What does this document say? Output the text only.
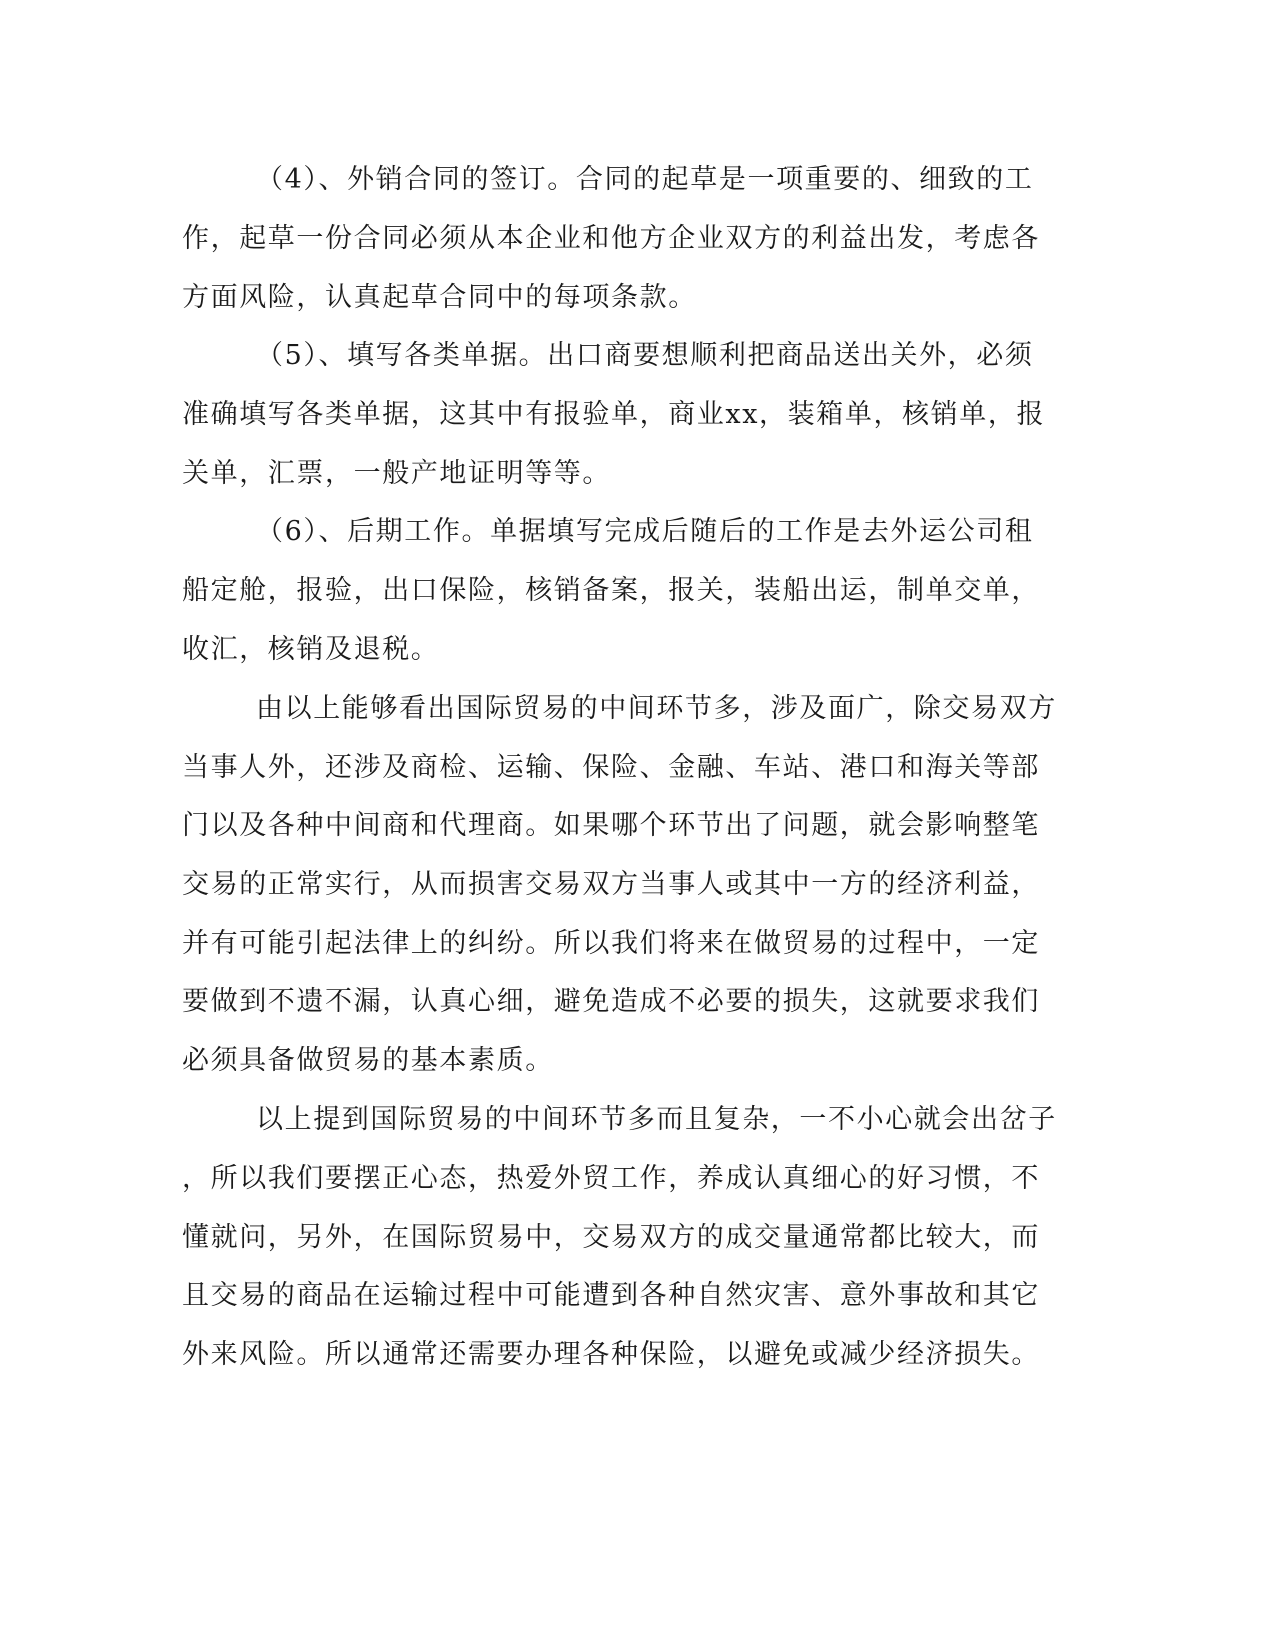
（4）、外销合同的签订。合同的起草是一项重要的、细致的工
作，起草一份合同必须从本企业和他方企业双方的利益出发，考虑各
方面风险，认真起草合同中的每项条款。
（5）、填写各类单据。出口商要想顺利把商品送出关外，必须
准确填写各类单据，这其中有报验单，商业xx，装箱单，核销单，报
关单，汇票，一般产地证明等等。
（6）、后期工作。单据填写完成后随后的工作是去外运公司租
船定舱，报验，出口保险，核销备案，报关，装船出运，制单交单，
收汇，核销及退税。
由以上能够看出国际贸易的中间环节多，涉及面广，除交易双方
当事人外，还涉及商检、运输、保险、金融、车站、港口和海关等部
门以及各种中间商和代理商。如果哪个环节出了问题，就会影响整笔
交易的正常实行，从而损害交易双方当事人或其中一方的经济利益，
并有可能引起法律上的纠纷。所以我们将来在做贸易的过程中，一定
要做到不遗不漏，认真心细，避免造成不必要的损失，这就要求我们
必须具备做贸易的基本素质。
以上提到国际贸易的中间环节多而且复杂，一不小心就会出岔子
，所以我们要摆正心态，热爱外贸工作，养成认真细心的好习惯，不
懂就问，另外，在国际贸易中，交易双方的成交量通常都比较大，而
且交易的商品在运输过程中可能遭到各种自然灾害、意外事故和其它
外来风险。所以通常还需要办理各种保险，以避免或减少经济损失。
